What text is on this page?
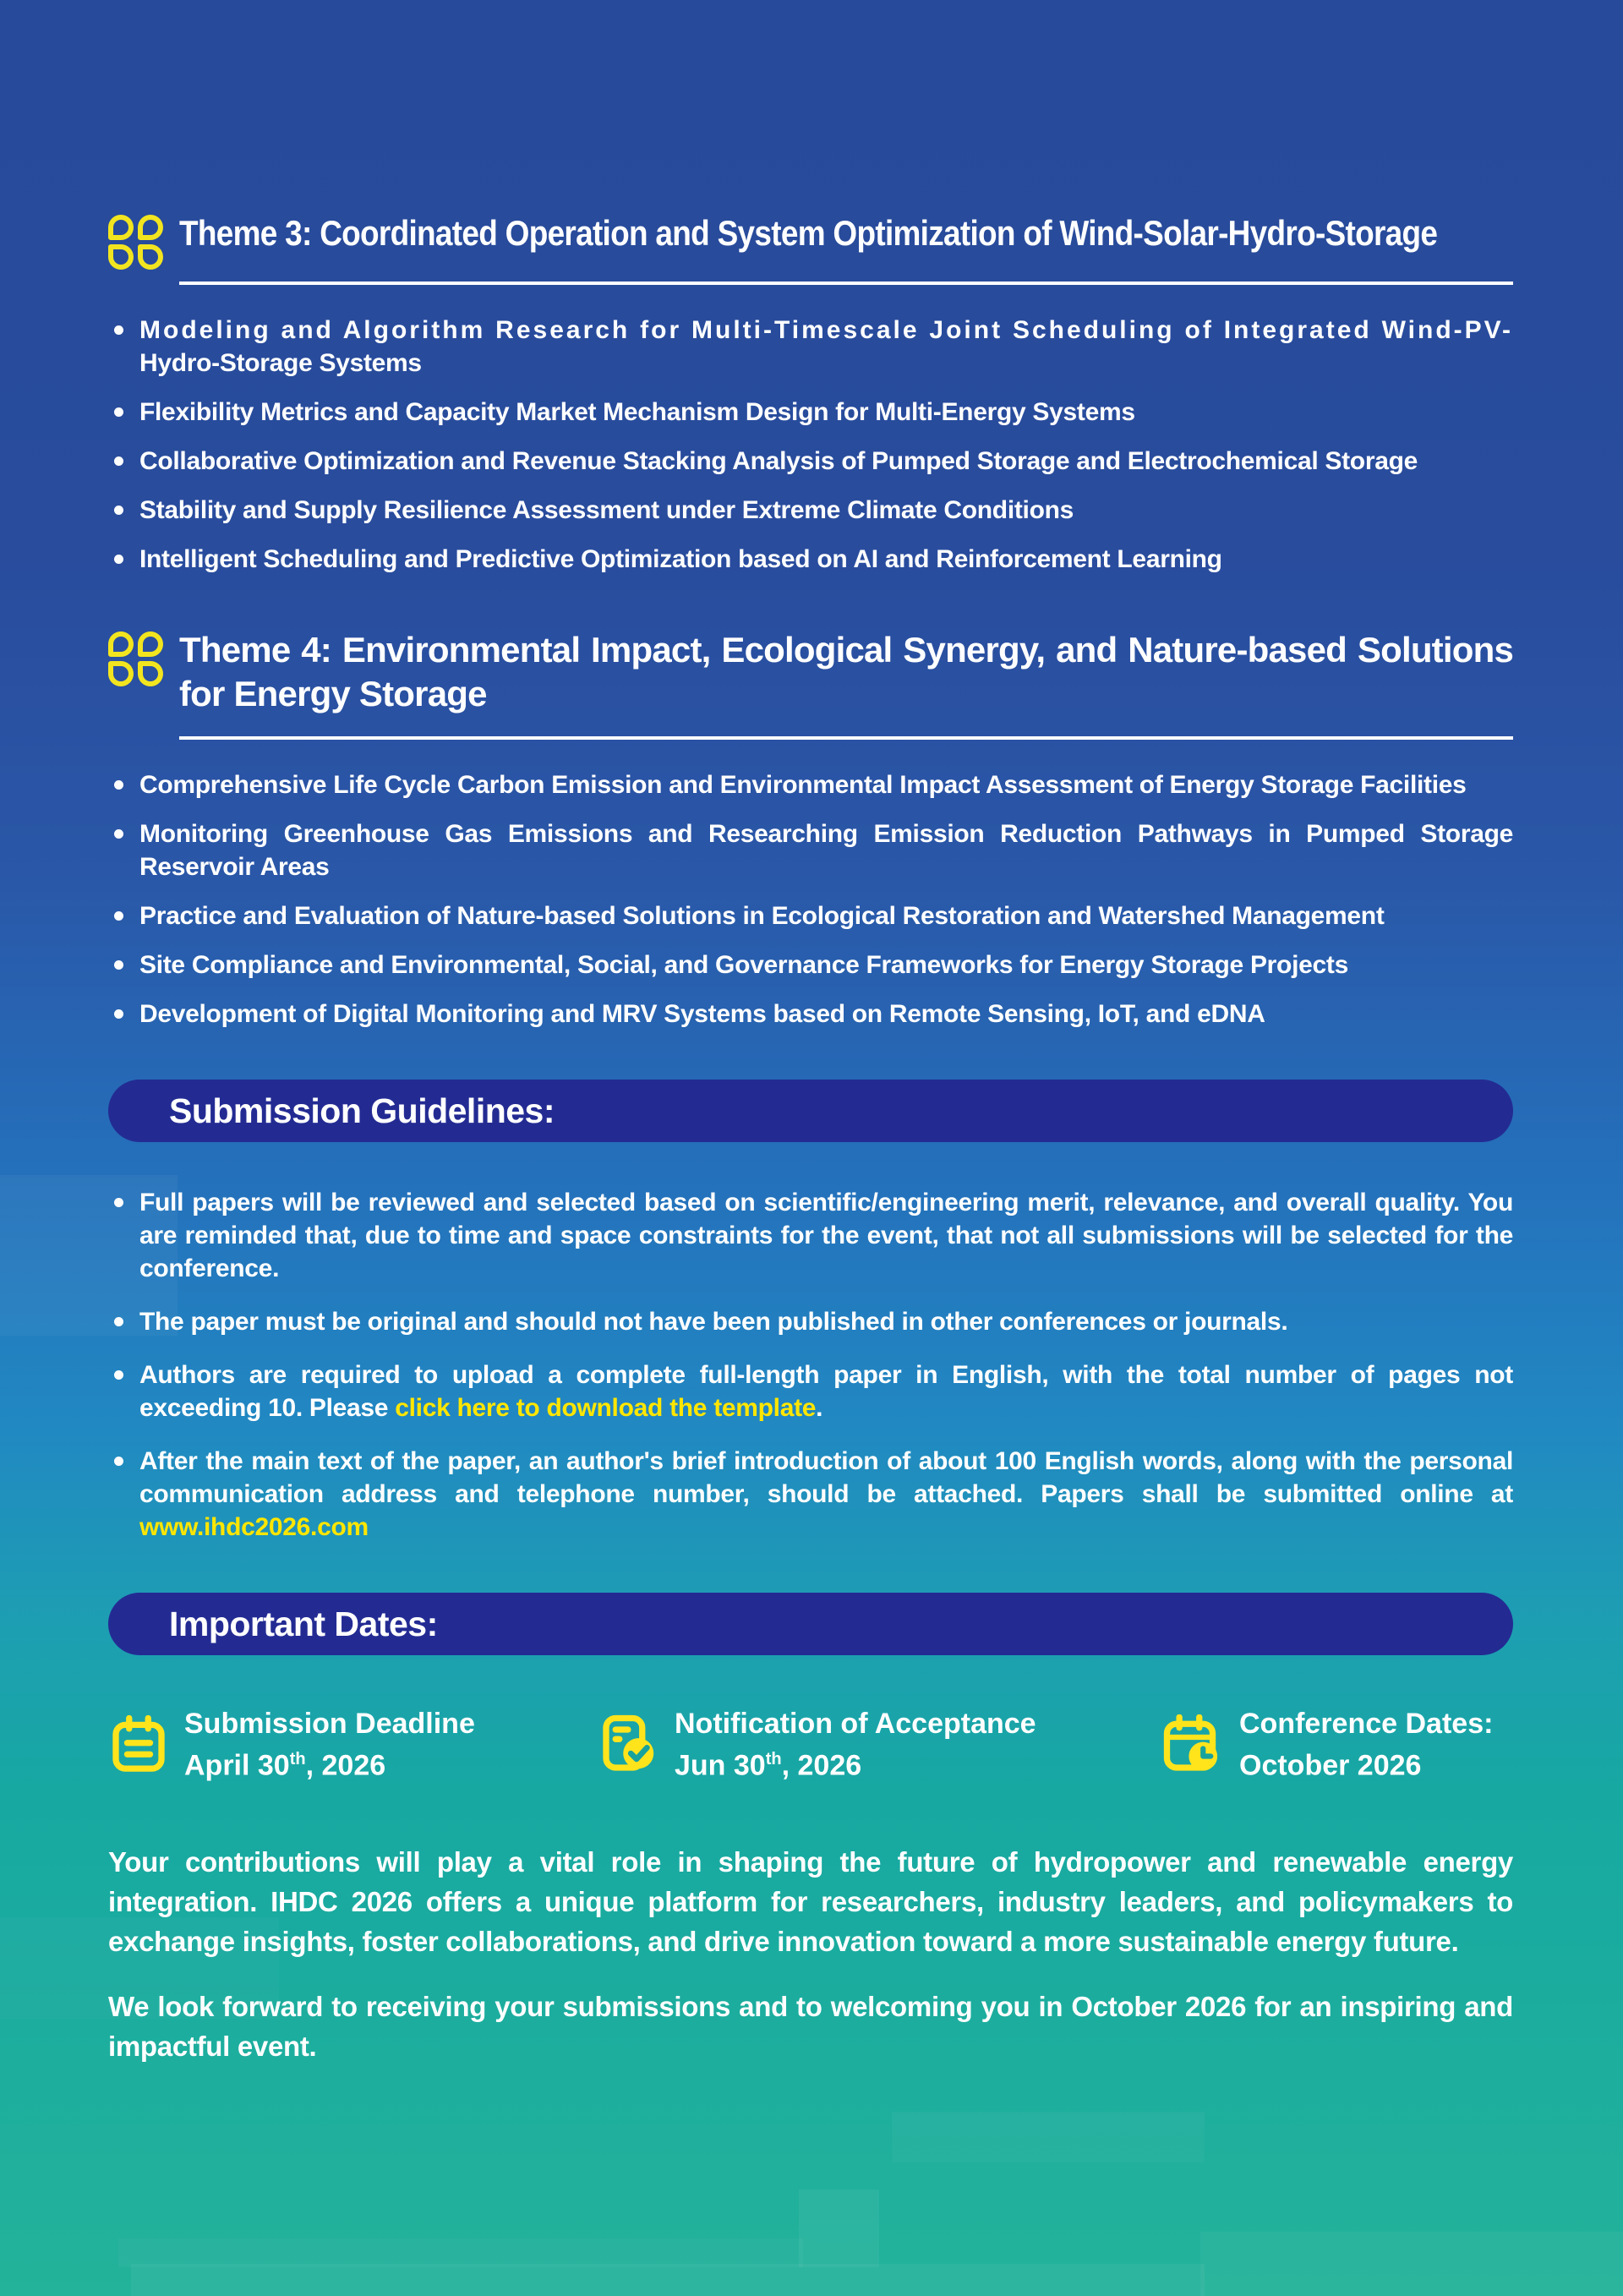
Theme 3: Coordinated Operation and System Optimization of Wind-Solar-Hydro-Storage
Modeling and Algorithm Research for Multi-Timescale Joint Scheduling of Integrated Wind-PV-Hydro-Storage Systems
Flexibility Metrics and Capacity Market Mechanism Design for Multi-Energy Systems
Collaborative Optimization and Revenue Stacking Analysis of Pumped Storage and Electrochemical Storage
Stability and Supply Resilience Assessment under Extreme Climate Conditions
Intelligent Scheduling and Predictive Optimization based on AI and Reinforcement Learning
Theme 4: Environmental Impact, Ecological Synergy, and Nature-based Solutions for Energy Storage
Comprehensive Life Cycle Carbon Emission and Environmental Impact Assessment of Energy Storage Facilities
Monitoring Greenhouse Gas Emissions and Researching Emission Reduction Pathways in Pumped Storage Reservoir Areas
Practice and Evaluation of Nature-based Solutions in Ecological Restoration and Watershed Management
Site Compliance and Environmental, Social, and Governance Frameworks for Energy Storage Projects
Development of Digital Monitoring and MRV Systems based on Remote Sensing, IoT, and eDNA
Submission Guidelines:
Full papers will be reviewed and selected based on scientific/engineering merit, relevance, and overall quality. You are reminded that, due to time and space constraints for the event, that not all submissions will be selected for the conference.
The paper must be original and should not have been published in other conferences or journals.
Authors are required to upload a complete full-length paper in English, with the total number of pages not exceeding 10. Please click here to download the template.
After the main text of the paper, an author's brief introduction of about 100 English words, along with the personal communication address and telephone number, should be attached. Papers shall be submitted online at www.ihdc2026.com
Important Dates:
Submission Deadline
April 30th, 2026
Notification of Acceptance
Jun 30th, 2026
Conference Dates:
October 2026

Your contributions will play a vital role in shaping the future of hydropower and renewable energy integration. IHDC 2026 offers a unique platform for researchers, industry leaders, and policymakers to exchange insights, foster collaborations, and drive innovation toward a more sustainable energy future.

We look forward to receiving your submissions and to welcoming you in October 2026 for an inspiring and impactful event.
